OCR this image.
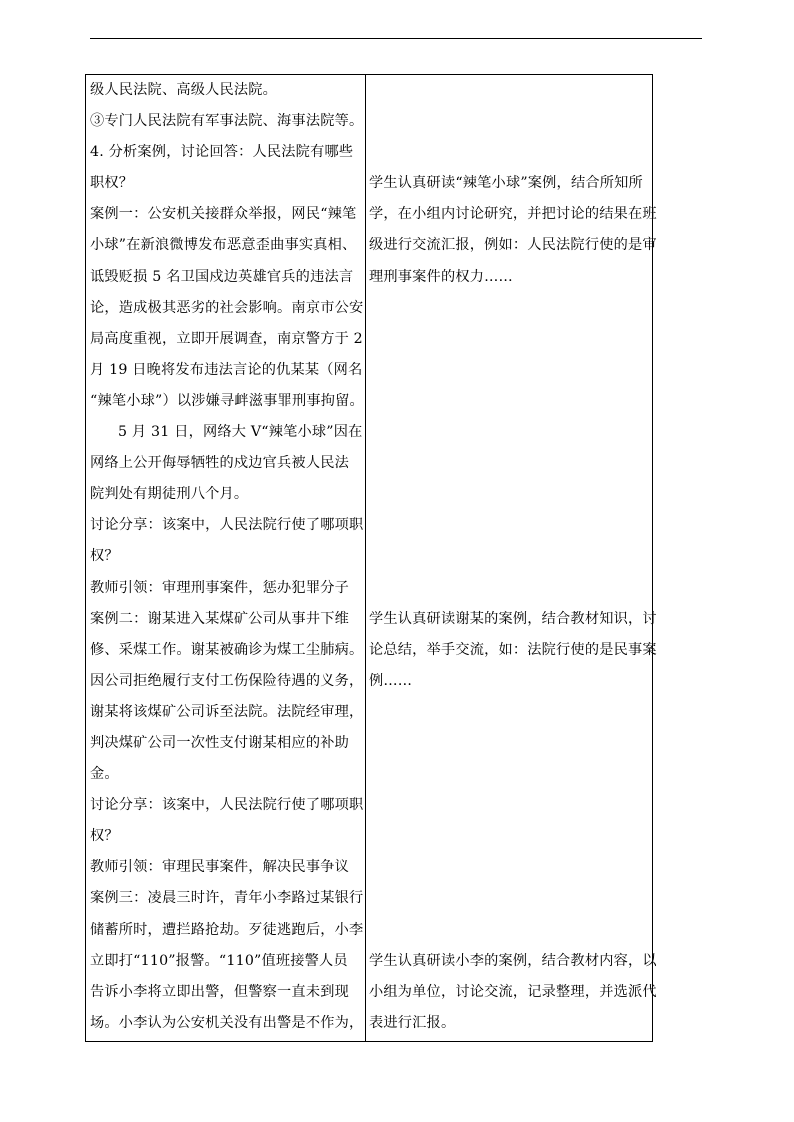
级人民法院、高级人民法院。
③专门人民法院有军事法院、海事法院等。
4. 分析案例，讨论回答：人民法院有哪些
职权？
案例一：公安机关接群众举报，网民“辣笔
小球”在新浪微博发布恶意歪曲事实真相、
诋毁贬损 5 名卫国戍边英雄官兵的违法言
论，造成极其恶劣的社会影响。南京市公安
局高度重视，立即开展调查，南京警方于 2
月 19 日晚将发布违法言论的仇某某（网名
“辣笔小球”）以涉嫌寻衅滋事罪刑事拘留。
5 月 31 日，网络大 V“辣笔小球”因在
网络上公开侮辱牺牲的戍边官兵被人民法
院判处有期徒刑八个月。
讨论分享：该案中，人民法院行使了哪项职
权？
教师引领：审理刑事案件，惩办犯罪分子
案例二：谢某进入某煤矿公司从事井下维
修、采煤工作。谢某被确诊为煤工尘肺病。
因公司拒绝履行支付工伤保险待遇的义务，
谢某将该煤矿公司诉至法院。法院经审理，
判决煤矿公司一次性支付谢某相应的补助
金。
讨论分享：该案中，人民法院行使了哪项职
权？
教师引领：审理民事案件，解决民事争议
案例三：凌晨三时许，青年小李路过某银行
储蓄所时，遭拦路抢劫。歹徒逃跑后，小李
立即打“110”报警。“110”值班接警人员
告诉小李将立即出警，但警察一直未到现
场。小李认为公安机关没有出警是不作为，
学生认真研读“辣笔小球”案例，结合所知所
学，在小组内讨论研究，并把讨论的结果在班
级进行交流汇报，例如：人民法院行使的是审
理刑事案件的权力……
学生认真研读谢某的案例，结合教材知识，讨
论总结，举手交流，如：法院行使的是民事案
例……
学生认真研读小李的案例，结合教材内容，以
小组为单位，讨论交流，记录整理，并选派代
表进行汇报。
